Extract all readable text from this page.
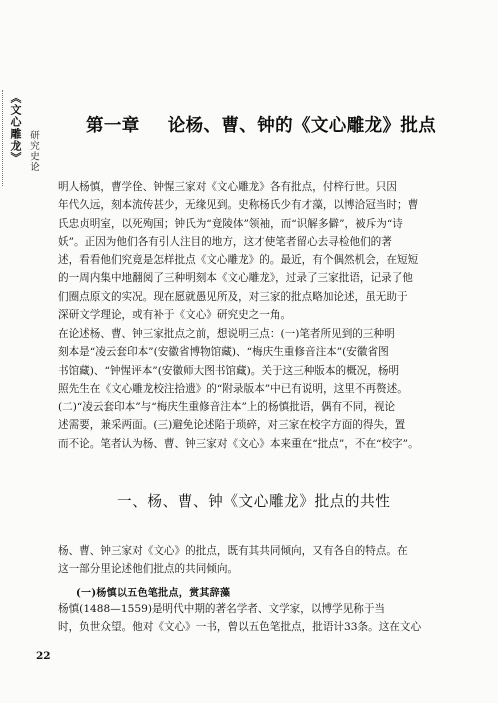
《文心雕龙》 研究史论
第一章 论杨、曹、钟的《文心雕龙》批点
明人杨慎，曹学佺、钟惺三家对《文心雕龙》各有批点，付梓行世。只因
年代久远，刻本流传甚少，无缘见到。史称杨氏少有才藻，以博洽冠当时；曹
氏忠贞明室，以死殉国；钟氏为“竟陵体”领袖，而“识解多僻”，被斥为“诗
妖”。正因为他们各有引人注目的地方，这才使笔者留心去寻检他们的著
述，看看他们究竟是怎样批点《文心雕龙》的。最近，有个偶然机会，在短短
的一周内集中地翻阅了三种明刻本《文心雕龙》，过录了三家批语，记录了他
们圈点原文的实况。现在愿就愚见所及，对三家的批点略加论述，虽无助于
深研文学理论，或有补于《文心》研究史之一角。
在论述杨、曹、钟三家批点之前，想说明三点：(一)笔者所见到的三种明
刻本是“凌云套印本”(安徽省博物馆藏)、“梅庆生重修音注本”(安徽省图
书馆藏)、“钟惺评本”(安徽师大图书馆藏)。关于这三种版本的概况，杨明
照先生在《文心雕龙校注拾遗》的“附录版本”中已有说明，这里不再赘述。
(二)“凌云套印本”与“梅庆生重修音注本”上的杨慎批语，偶有不同，视论
述需要，兼采两面。(三)避免论述陷于琐碎，对三家在校字方面的得失，置
而不论。笔者认为杨、曹、钟三家对《文心》本来重在“批点”，不在“校字”。
一、杨、曹、钟《文心雕龙》批点的共性
杨、曹、钟三家对《文心》的批点，既有其共同倾向，又有各自的特点。在
这一部分里论述他们批点的共同倾向。
(一)杨慎以五色笔批点，赏其辞藻
杨慎(1488—1559)是明代中期的著名学者、文学家，以博学见称于当
时，负世众望。他对《文心》一书，曾以五色笔批点，批语计33条。这在文心
22
